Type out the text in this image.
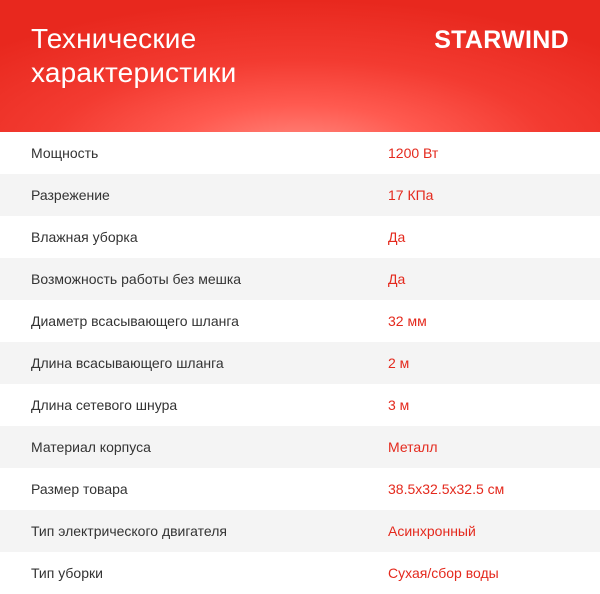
Технические характеристики
STARWIND
Мощность	1200 Вт
Разрежение	17 КПа
Влажная уборка	Да
Возможность работы без мешка	Да
Диаметр всасывающего шланга	32 мм
Длина всасывающего шланга	2 м
Длина сетевого шнура	3 м
Материал корпуса	Металл
Размер товара	38.5x32.5x32.5 см
Тип электрического двигателя	Асинхронный
Тип уборки	Сухая/сбор воды
